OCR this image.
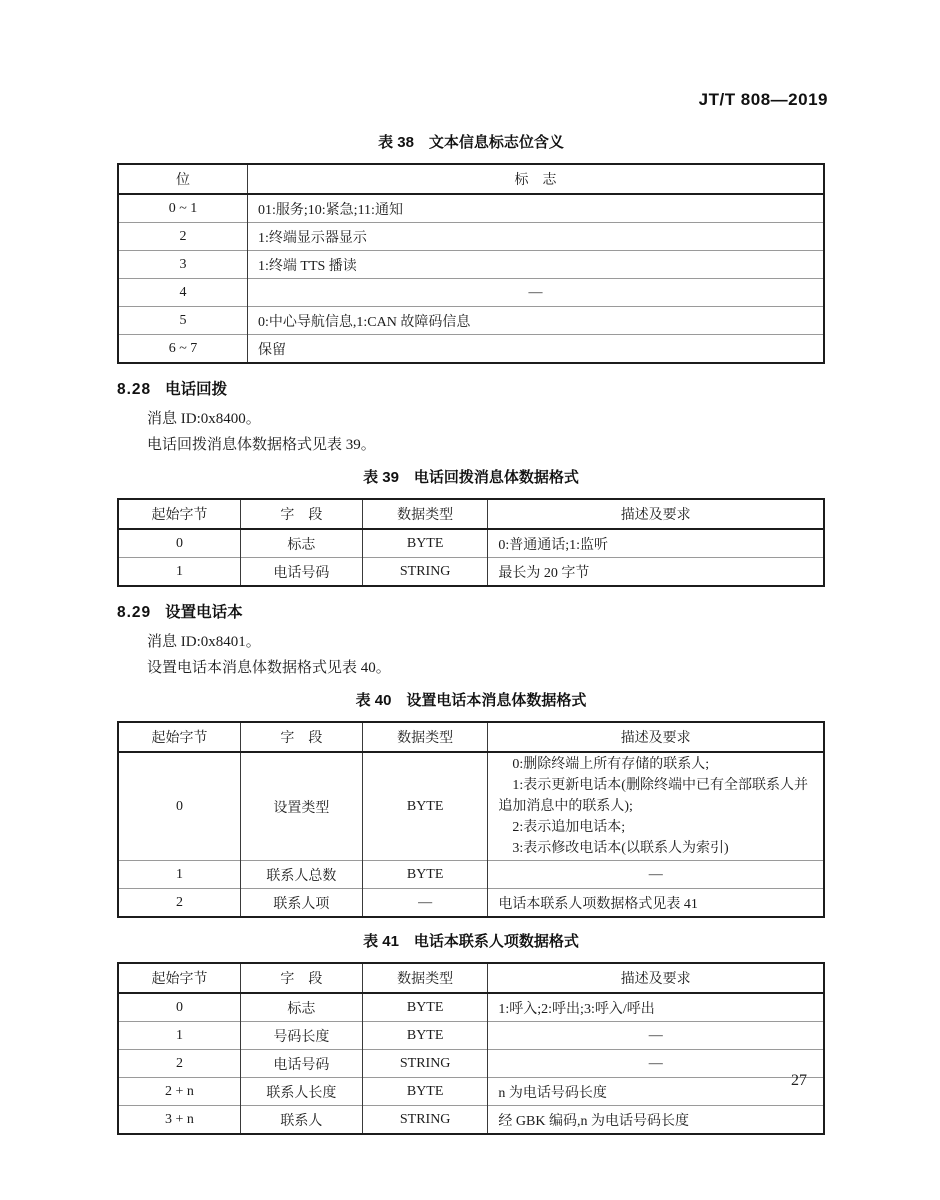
JT/T 808—2019
表 38　文本信息标志位含义
位	标　志
0 ~ 1	01:服务;10:紧急;11:通知
2	1:终端显示器显示
3	1:终端 TTS 播读
4	—
5	0:中心导航信息,1:CAN 故障码信息
6 ~ 7	保留
8.28 电话回拨

消息 ID:0x8400。

电话回拨消息体数据格式见表 39。

表 39　电话回拨消息体数据格式
起始字节	字　段	数据类型	描述及要求
0	标志	BYTE	0:普通通话;1:监听
1	电话号码	STRING	最长为 20 字节
8.29 设置电话本

消息 ID:0x8401。

设置电话本消息体数据格式见表 40。

表 40　设置电话本消息体数据格式
起始字节	字　段	数据类型	描述及要求
0	设置类型	BYTE	0:删除终端上所有存储的联系人;

1:表示更新电话本(删除终端中已有全部联系人并追加消息中的联系人);

2:表示追加电话本;

3:表示修改电话本(以联系人为索引)

1	联系人总数	BYTE	—
2	联系人项	—	电话本联系人项数据格式见表 41
表 41　电话本联系人项数据格式
起始字节	字　段	数据类型	描述及要求
0	标志	BYTE	1:呼入;2:呼出;3:呼入/呼出
1	号码长度	BYTE	—
2	电话号码	STRING	—
2 + n	联系人长度	BYTE	n 为电话号码长度
3 + n	联系人	STRING	经 GBK 编码,n 为电话号码长度
27
